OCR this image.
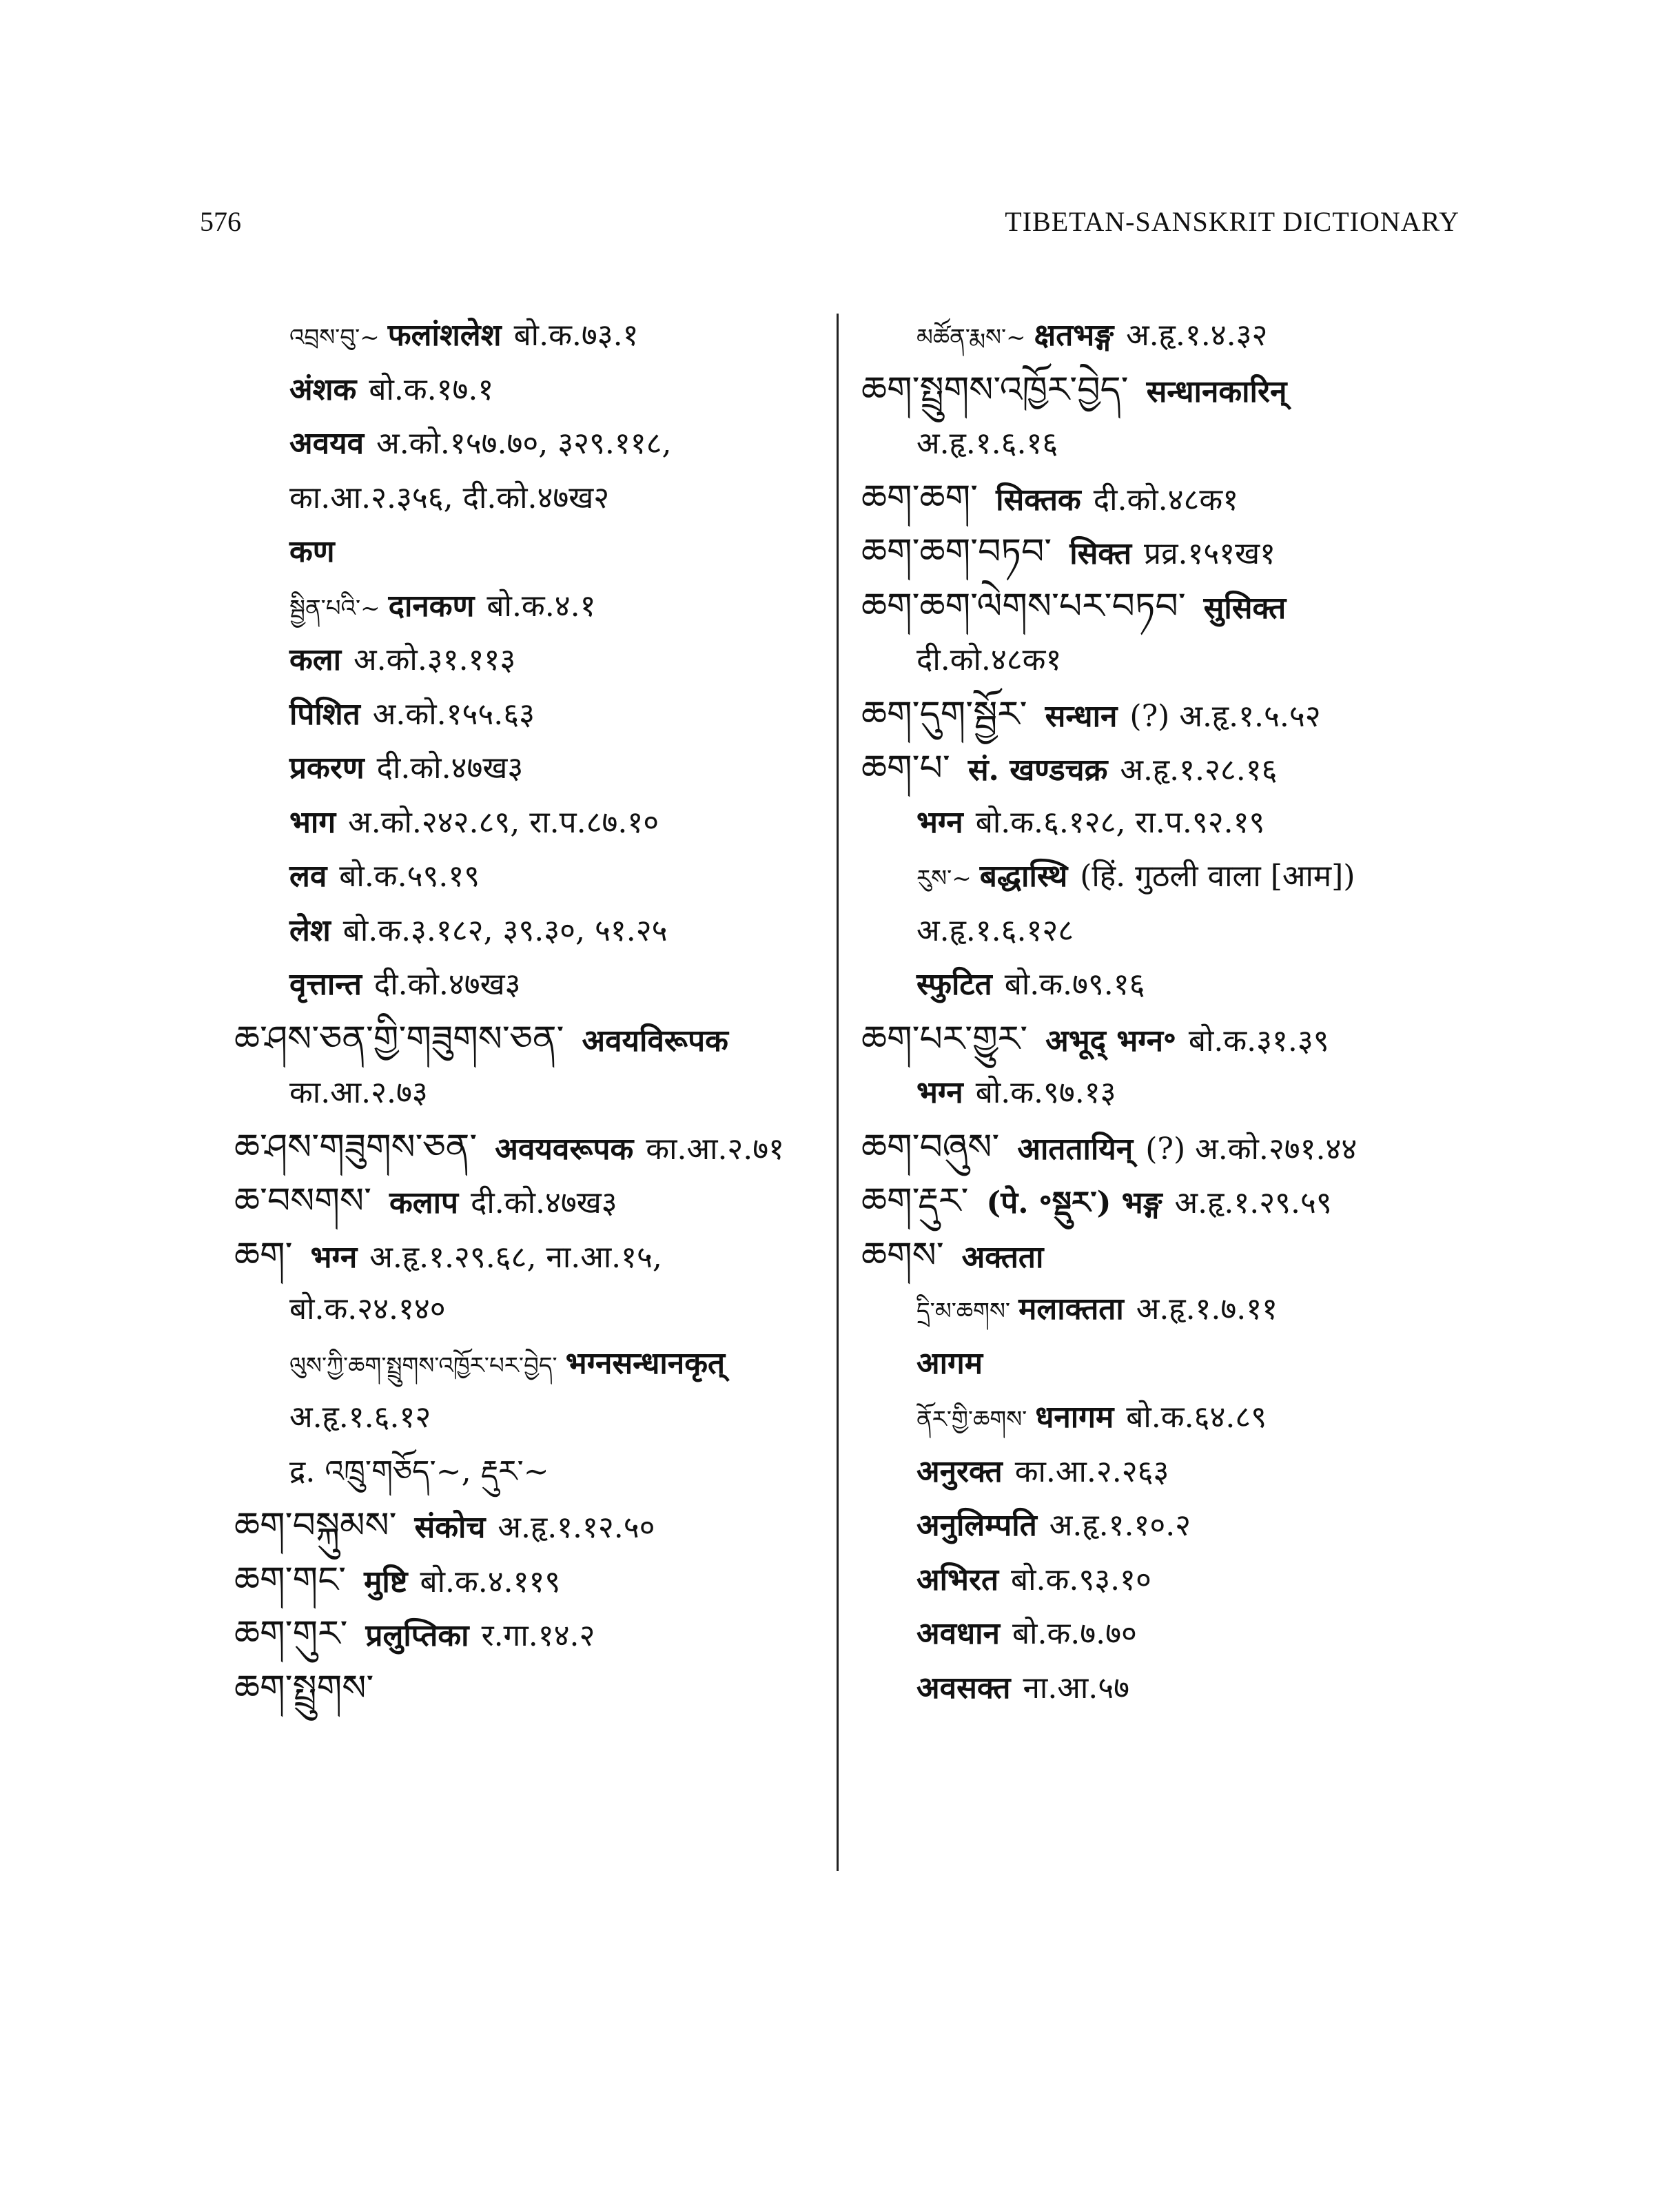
576	TIBETAN-SANSKRIT DICTIONARY
འབྲས་བུ་~ फलांशलेश बो.क.७३.१
अंशक बो.क.१७.१
अवयव अ.को.१५७.७०, ३२९.११८,
का.आ.२.३५६, दी.को.४७ख२
कण
སྦྱིན་པའི་~ दानकण बो.क.४.१
कला अ.को.३१.११३
पिशित अ.को.१५५.६३
प्रकरण दी.को.४७ख३
भाग अ.को.२४२.८९, रा.प.८७.१०
लव बो.क.५९.१९
लेश बो.क.३.१८२, ३९.३०, ५१.२५
वृत्तान्त दी.को.४७ख३
ཆ་ཤས་ཅན་གྱི་གཟུགས་ཅན་ अवयविरूपक
का.आ.२.७३
ཆ་ཤས་གཟུགས་ཅན་ अवयवरूपक का.आ.२.७१
ཆ་བསགས་ कलाप दी.को.४७ख३
ཆག་ भग्न अ.हृ.१.२९.६८, ना.आ.१५,
बो.क.२४.१४०
ལུས་ཀྱི་ཆག་སྤྲུགས་འཁྱོར་པར་བྱེད་ भग्नसन्धानकृत्
अ.हृ.१.६.१२
द्र. འཁྲུ་གཅོད་~, རྡུར་~
ཆག་བསྐུམས་ संकोच अ.हृ.१.१२.५०
ཆག་གང་ मुष्टि बो.क.४.११९
ཆག་གུར་ प्रलुप्तिका र.गा.१४.२
ཆག་སྤྲུགས་
མཚོན་རྨས་~ क्षतभङ्ग अ.हृ.१.४.३२
ཆག་སྤྲུགས་འཁྱོར་བྱེད་ सन्धानकारिन्
अ.हृ.१.६.१६
ཆག་ཆག་ सिक्तक दी.को.४८क१
ཆག་ཆག་བཏབ་ सिक्त प्रव्र.१५१ख१
ཆག་ཆག་ལེགས་པར་བཏབ་ सुसिक्त
दी.को.४८क१
ཆག་དུག་སྦྱོར་ सन्धान (?) अ.हृ.१.५.५२
ཆག་པ་ सं. खण्डचक्र अ.हृ.१.२८.१६
भग्न बो.क.६.१२८, रा.प.९२.१९
རུས་~ बद्धास्थि (हिं. गुठली वाला [आम])
अ.हृ.१.६.१२८
स्फुटित बो.क.७९.१६
ཆག་པར་གྱུར་ अभूद् भग्न॰ बो.क.३१.३९
भग्न बो.क.९७.१३
ཆག་བཞུས་ आततायिन् (?) अ.को.२७१.४४
ཆག་རྡུར་ (पे. ॰སྡུར་) भङ्ग अ.हृ.१.२९.५९
ཆགས་ अक्तता
དྲི་མ་ཆགས་ मलाक्तता अ.हृ.१.७.११
आगम
ནོར་གྱི་ཆགས་ धनागम बो.क.६४.८९
अनुरक्त का.आ.२.२६३
अनुलिम्पति अ.हृ.१.१०.२
अभिरत बो.क.९३.१०
अवधान बो.क.७.७०
अवसक्त ना.आ.५७
